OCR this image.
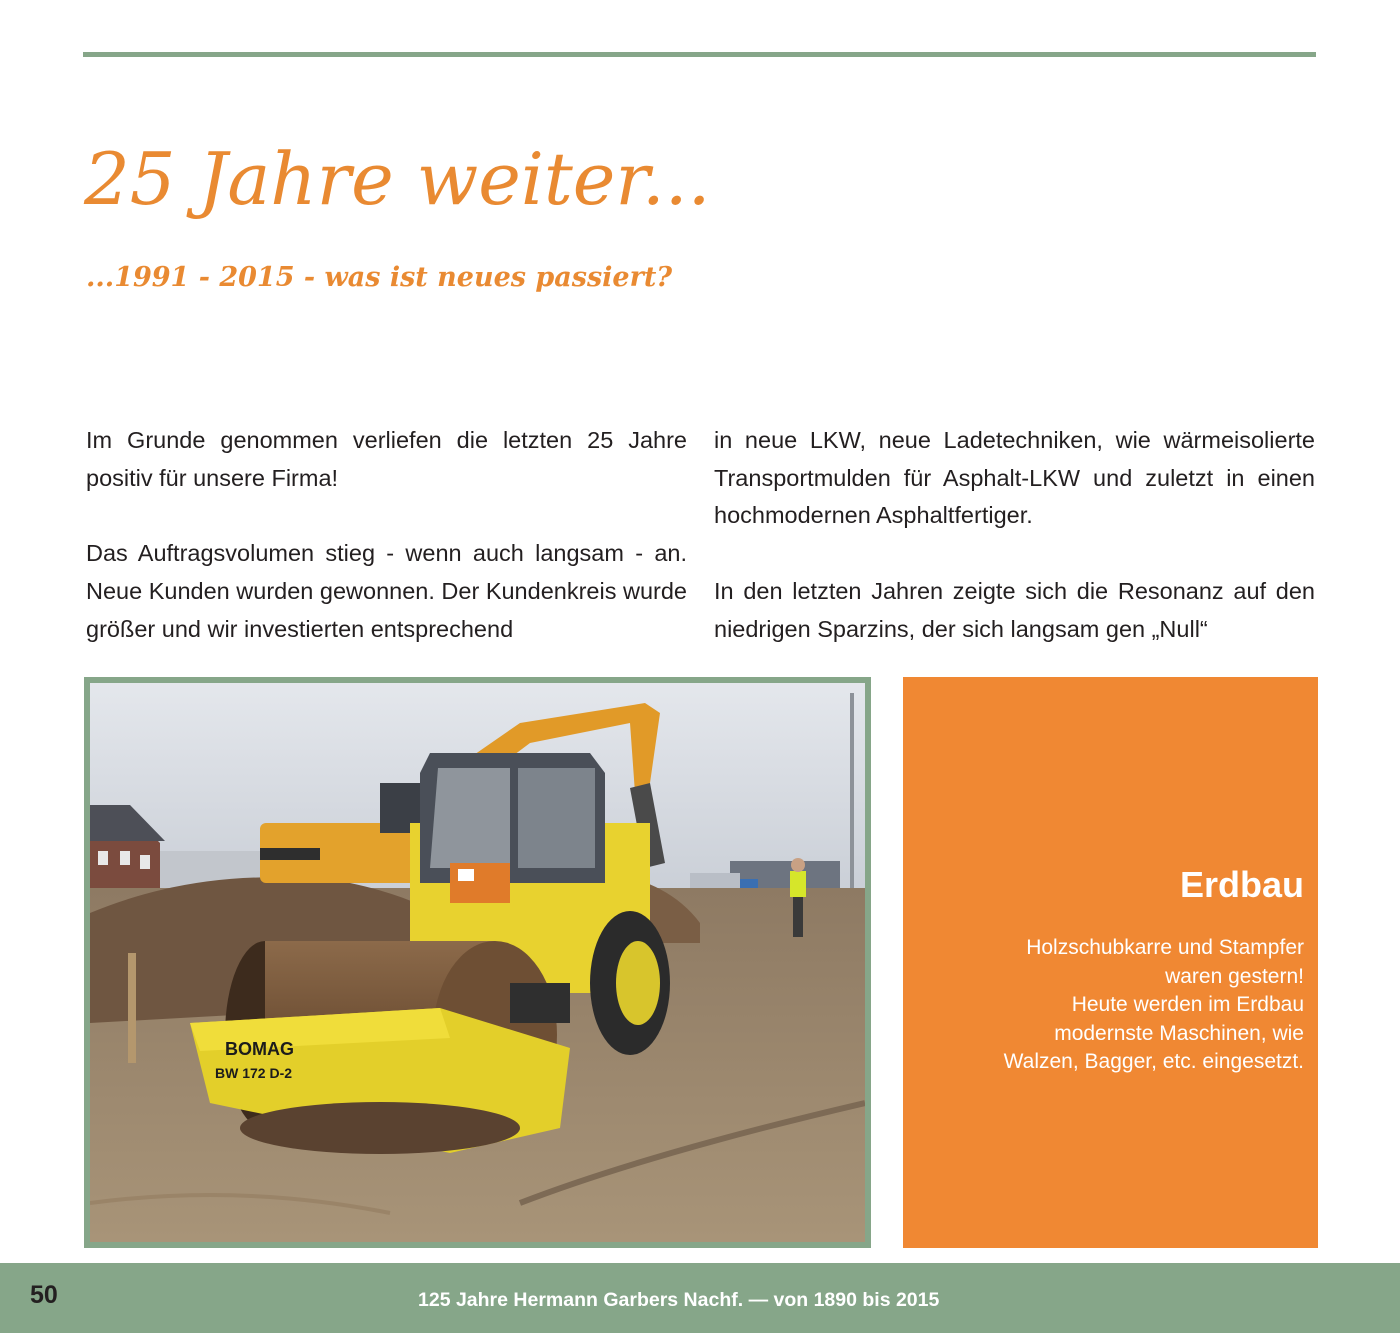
25 Jahre weiter...
...1991 - 2015 - was ist neues passiert?

Im Grunde genommen verliefen die letzten 25 Jahre positiv für unsere Firma!

Das Auftragsvolumen stieg - wenn auch langsam - an. Neue Kunden wurden gewonnen. Der Kundenkreis wurde größer und wir investierten entsprechend

in neue LKW, neue Ladetechniken, wie wärmeisolierte Transportmulden für Asphalt-LKW und zuletzt in einen hochmodernen Asphaltfertiger.

In den letzten Jahren zeigte sich die Resonanz auf den niedrigen Sparzins, der sich langsam gen „Null“

BOMAG
BW 172 D-2
Erdbau
Holzschubkarre und Stampfer
waren gestern!
Heute werden im Erdbau
modernste Maschinen, wie
Walzen, Bagger, etc. eingesetzt.
50	125 Jahre Hermann Garbers Nachf. — von 1890 bis 2015
